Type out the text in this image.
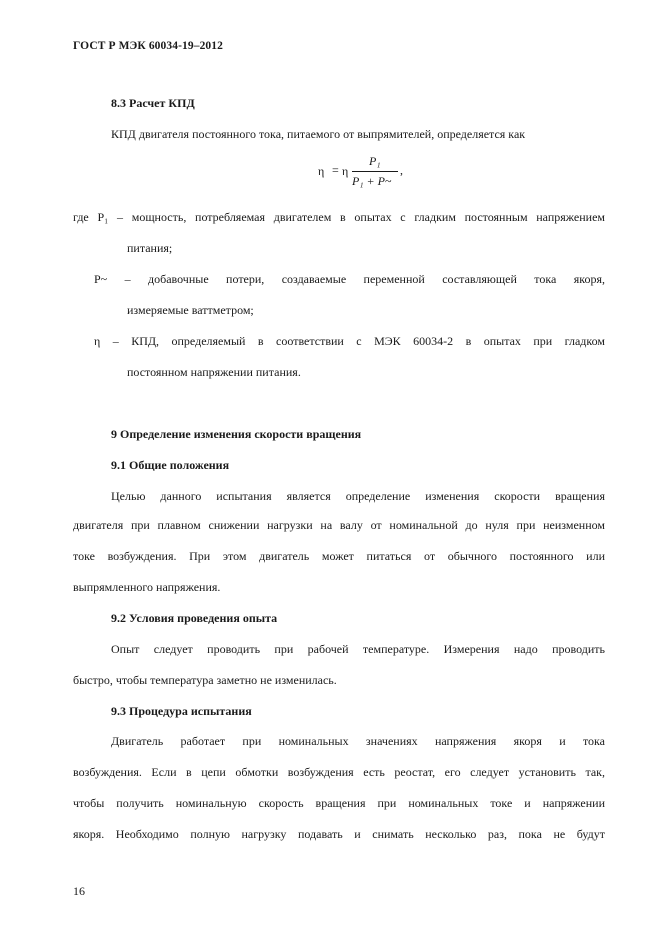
ГОСТ Р МЭК 60034-19–2012
8.3 Расчет КПД
КПД двигателя постоянного тока, питаемого от выпрямителей, определяется как
η = η
P₁
P₁ + P~
,
где P₁ – мощность, потребляемая двигателем в опытах с гладким постоянным напряжением
питания;
P~ – добавочные потери, создаваемые переменной составляющей тока якоря,
измеряемые ваттметром;
η – КПД, определяемый в соответствии с МЭК 60034-2 в опытах при гладком
постоянном напряжении питания.
9 Определение изменения скорости вращения
9.1 Общие положения
Целью данного испытания является определение изменения скорости вращения
двигателя при плавном снижении нагрузки на валу от номинальной до нуля при неизменном
токе возбуждения. При этом двигатель может питаться от обычного постоянного или
выпрямленного напряжения.
9.2 Условия проведения опыта
Опыт следует проводить при рабочей температуре. Измерения надо проводить
быстро, чтобы температура заметно не изменилась.
9.3 Процедура испытания
Двигатель работает при номинальных значениях напряжения якоря и тока
возбуждения. Если в цепи обмотки возбуждения есть реостат, его следует установить так,
чтобы получить номинальную скорость вращения при номинальных токе и напряжении
якоря. Необходимо полную нагрузку подавать и снимать несколько раз, пока не будут
16
